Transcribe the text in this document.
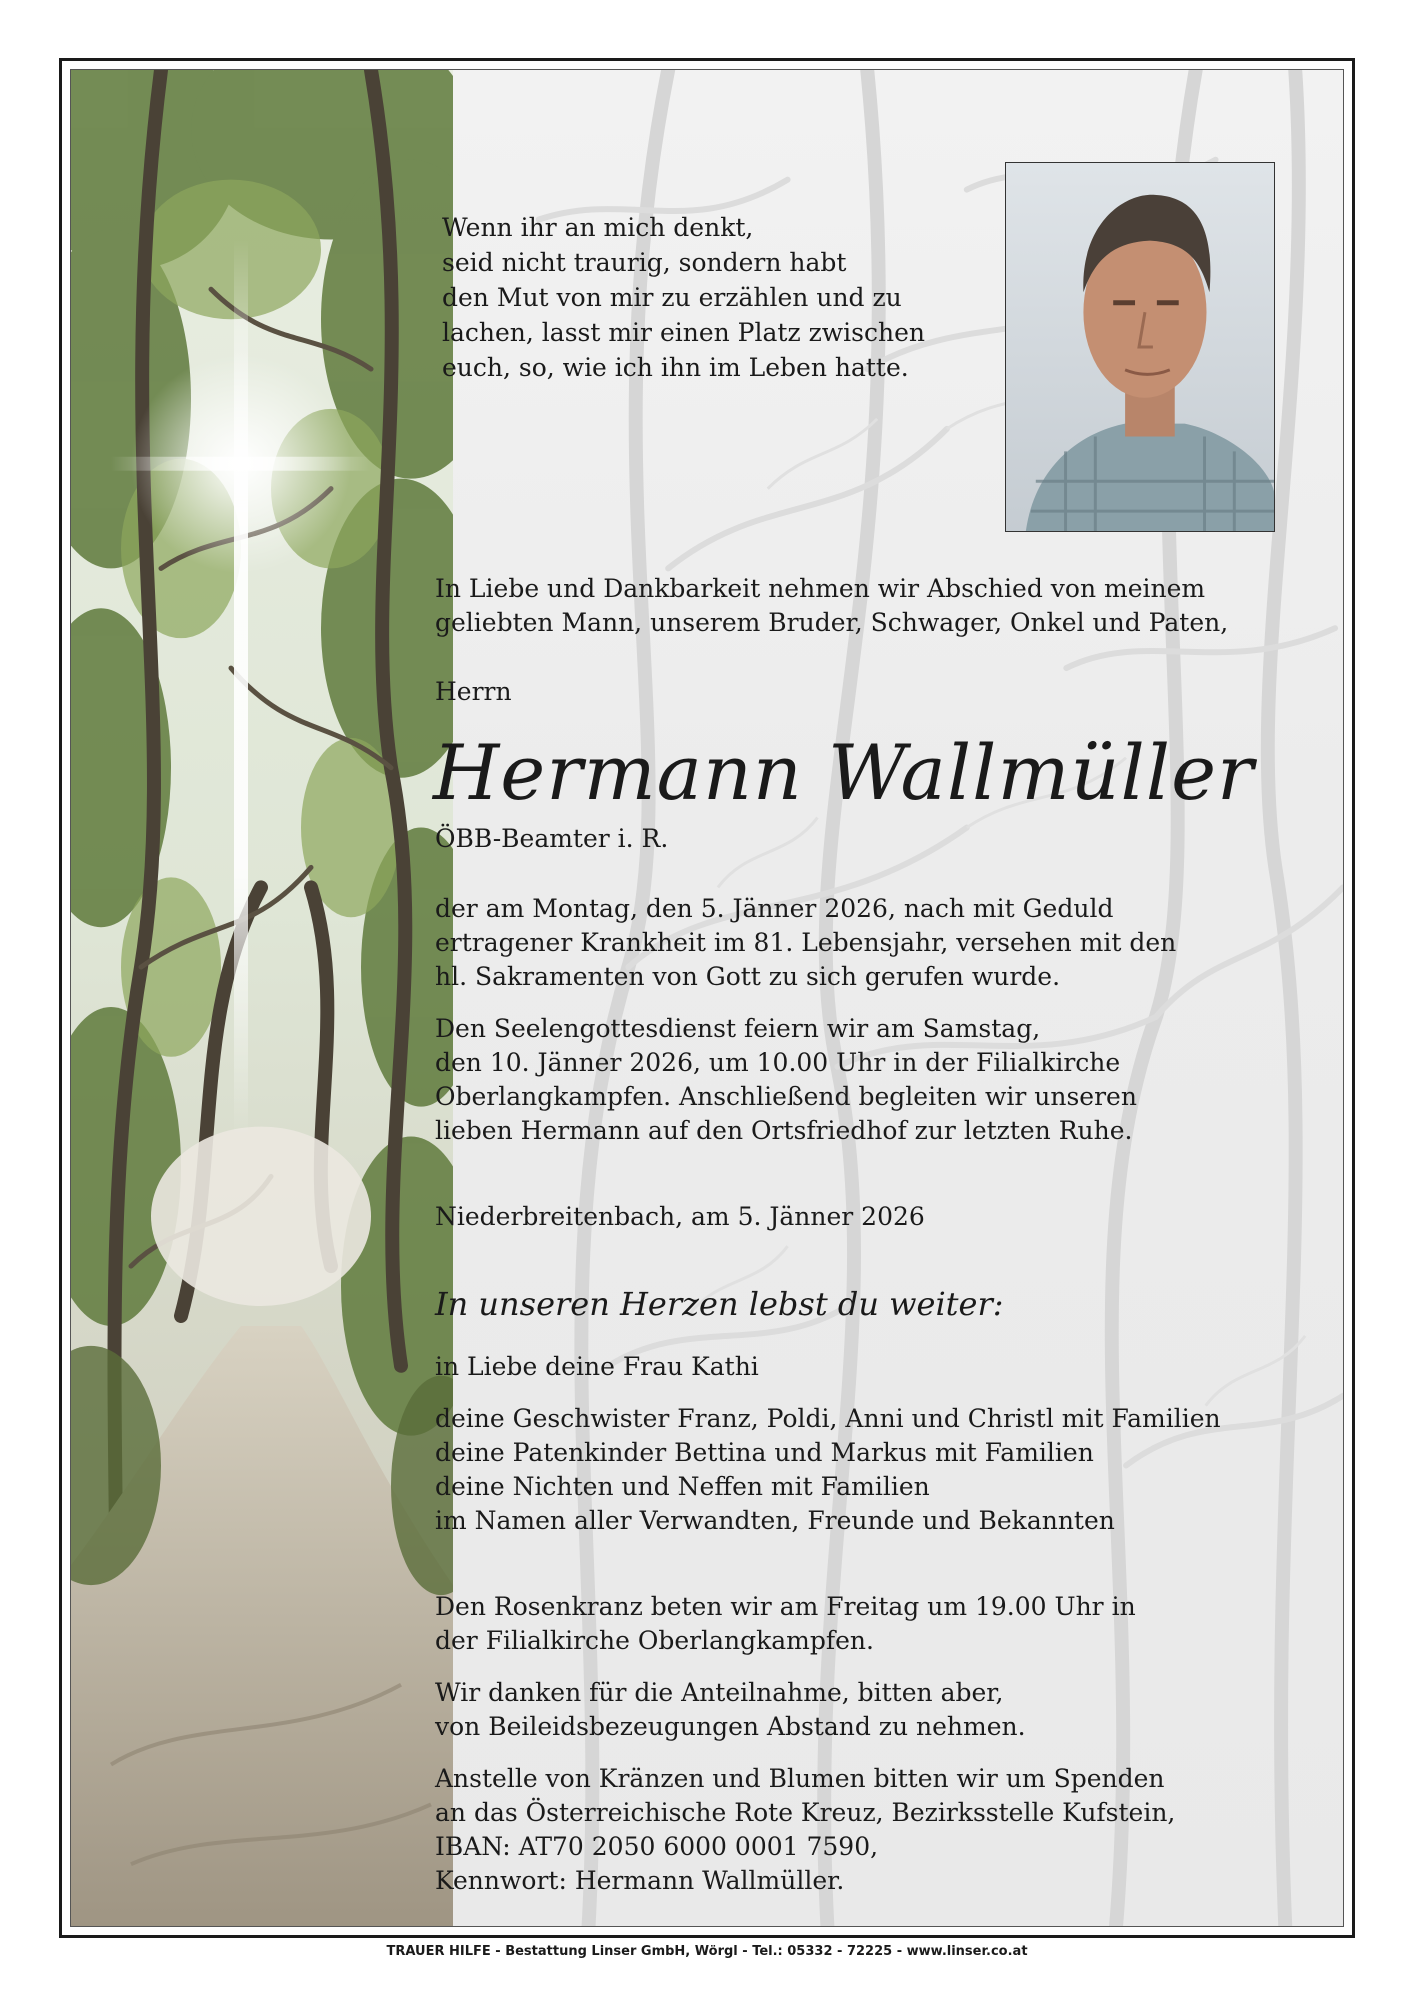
Wenn ihr an mich denkt,
seid nicht traurig, sondern habt
den Mut von mir zu erzählen und zu
lachen, lasst mir einen Platz zwischen
euch, so, wie ich ihn im Leben hatte.
In Liebe und Dankbarkeit nehmen wir Abschied von meinem
geliebten Mann, unserem Bruder, Schwager, Onkel und Paten,
Herrn
Hermann Wallmüller
ÖBB-Beamter i. R.
der am Montag, den 5. Jänner 2026, nach mit Geduld
ertragener Krankheit im 81. Lebensjahr, versehen mit den
hl. Sakramenten von Gott zu sich gerufen wurde.
Den Seelengottesdienst feiern wir am Samstag,
den 10. Jänner 2026, um 10.00 Uhr in der Filialkirche
Oberlangkampfen. Anschließend begleiten wir unseren
lieben Hermann auf den Ortsfriedhof zur letzten Ruhe.
Niederbreitenbach, am 5. Jänner 2026
In unseren Herzen lebst du weiter:
in Liebe deine Frau Kathi
deine Geschwister Franz, Poldi, Anni und Christl mit Familien
deine Patenkinder Bettina und Markus mit Familien
deine Nichten und Neffen mit Familien
im Namen aller Verwandten, Freunde und Bekannten
Den Rosenkranz beten wir am Freitag um 19.00 Uhr in
der Filialkirche Oberlangkampfen.
Wir danken für die Anteilnahme, bitten aber,
von Beileidsbezeugungen Abstand zu nehmen.
Anstelle von Kränzen und Blumen bitten wir um Spenden
an das Österreichische Rote Kreuz, Bezirksstelle Kufstein,
IBAN: AT70 2050 6000 0001 7590,
Kennwort: Hermann Wallmüller.
TRAUER HILFE - Bestattung Linser GmbH, Wörgl - Tel.: 05332 - 72225 - www.linser.co.at
